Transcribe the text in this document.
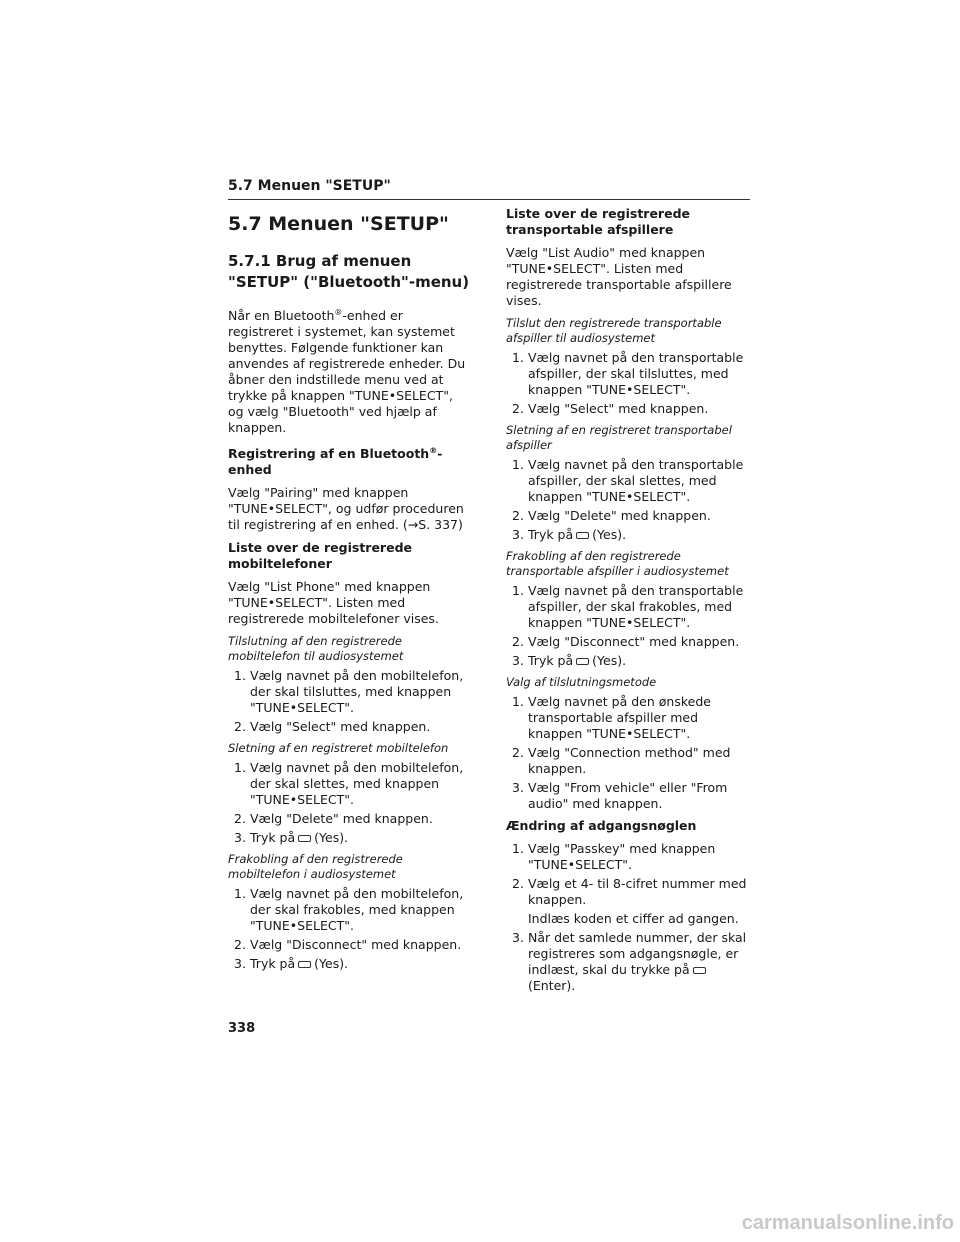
5.7 Menuen "SETUP"
5.7 Menuen "SETUP"
5.7.1 Brug af menuen "SETUP" ("Bluetooth"-menu)

Når en Bluetooth®-enhed er registreret i systemet, kan systemet benyttes. Følgende funktioner kan anvendes af registrerede enheder. Du åbner den indstillede menu ved at trykke på knappen "TUNE•SELECT", og vælg "Bluetooth" ved hjælp af knappen.

Registrering af en Bluetooth®-enhed

Vælg "Pairing" med knappen "TUNE•SELECT", og udfør proceduren til registrering af en enhed. (→S. 337)

Liste over de registrerede mobiltelefoner

Vælg "List Phone" med knappen "TUNE•SELECT". Listen med registrerede mobiltelefoner vises.

Tilslutning af den registrerede mobiltelefon til audiosystemet

1. Vælg navnet på den mobiltelefon, der skal tilsluttes, med knappen "TUNE•SELECT".
2. Vælg "Select" med knappen.

Sletning af en registreret mobiltelefon

1. Vælg navnet på den mobiltelefon, der skal slettes, med knappen "TUNE•SELECT".
2. Vælg "Delete" med knappen.
3. Tryk på (Yes).

Frakobling af den registrerede mobiltelefon i audiosystemet

1. Vælg navnet på den mobiltelefon, der skal frakobles, med knappen "TUNE•SELECT".
2. Vælg "Disconnect" med knappen.
3. Tryk på (Yes).

Liste over de registrerede transportable afspillere

Vælg "List Audio" med knappen "TUNE•SELECT". Listen med registrerede transportable afspillere vises.

Tilslut den registrerede transportable afspiller til audiosystemet

1. Vælg navnet på den transportable afspiller, der skal tilsluttes, med knappen "TUNE•SELECT".
2. Vælg "Select" med knappen.

Sletning af en registreret transportabel afspiller

1. Vælg navnet på den transportable afspiller, der skal slettes, med knappen "TUNE•SELECT".
2. Vælg "Delete" med knappen.
3. Tryk på (Yes).

Frakobling af den registrerede transportable afspiller i audiosystemet

1. Vælg navnet på den transportable afspiller, der skal frakobles, med knappen "TUNE•SELECT".
2. Vælg "Disconnect" med knappen.
3. Tryk på (Yes).

Valg af tilslutningsmetode

1. Vælg navnet på den ønskede transportable afspiller med knappen "TUNE•SELECT".
2. Vælg "Connection method" med knappen.
3. Vælg "From vehicle" eller "From audio" med knappen.

Ændring af adgangsnøglen

1. Vælg "Passkey" med knappen "TUNE•SELECT".
2. Vælg et 4- til 8-cifret nummer med knappen.

Indlæs koden et ciffer ad gangen.

3. Når det samlede nummer, der skal registreres som adgangsnøgle, er indlæst, skal du trykke på(Enter).
338
carmanualsonline.info
